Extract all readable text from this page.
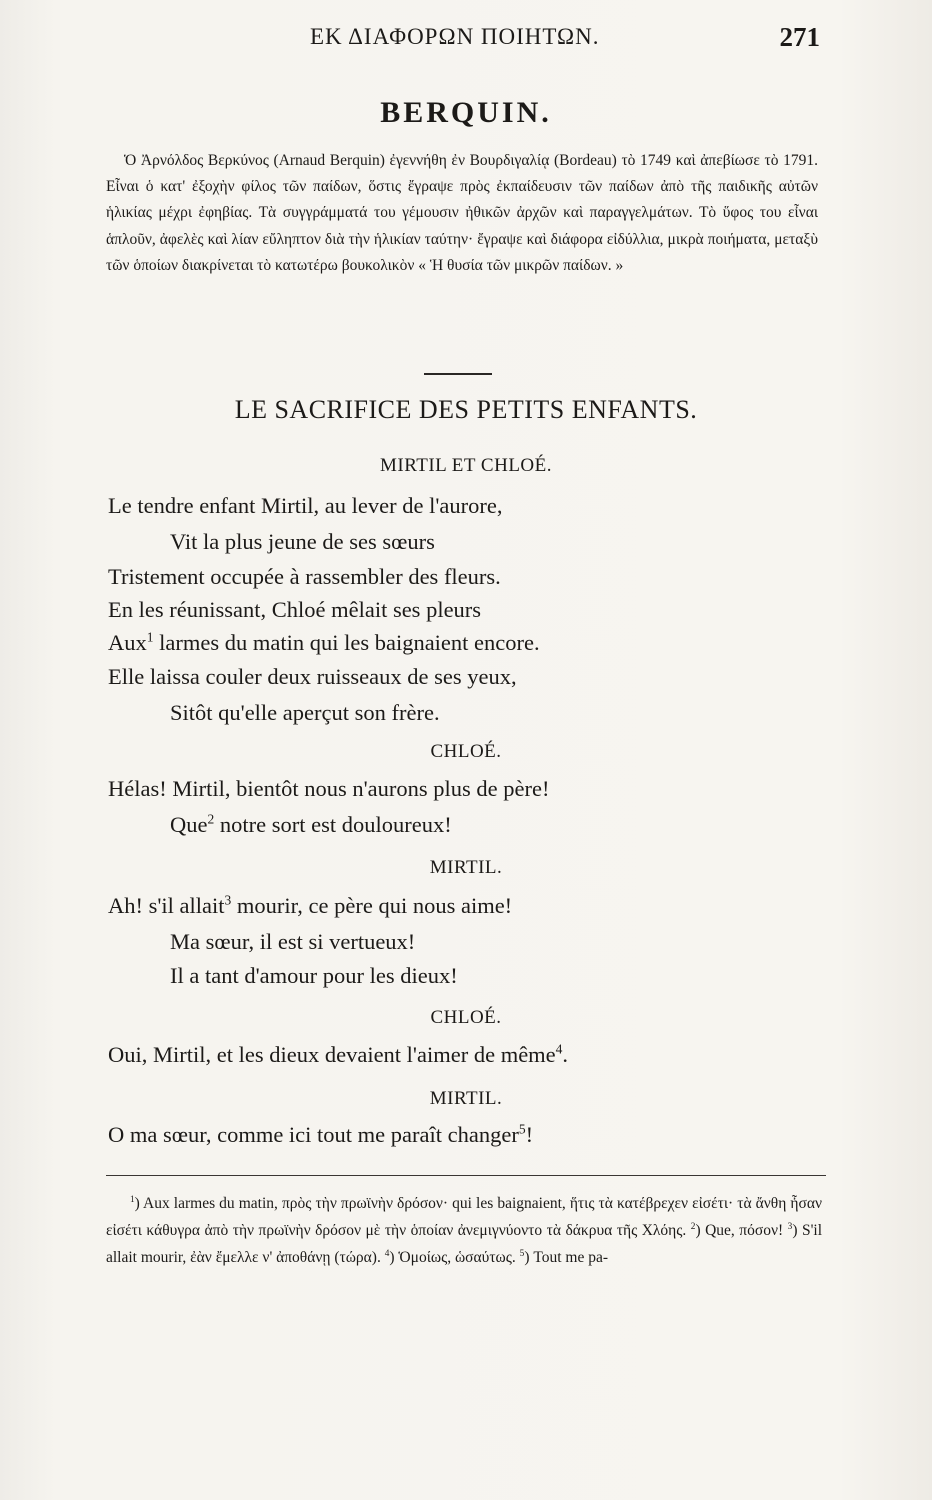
ΕΚ ΔΙΑΦΟΡΩΝ ΠΟΙΗΤΩΝ.	271
BERQUIN.
Ὁ Ἀρνόλδος Βερκύνος (Arnaud Berquin) ἐγεννήθη ἐν Βουρδιγαλίᾳ (Bordeau) τὸ 1749 καὶ ἀπεβίωσε τὸ 1791. Εἶναι ὁ κατ' ἐξοχὴν φίλος τῶν παίδων, ὅστις ἔγραψε πρὸς ἐκπαίδευσιν τῶν παίδων ἀπὸ τῆς παιδικῆς αὐτῶν ἡλικίας μέχρι ἐφηβίας. Τὰ συγγράμματά του γέμουσιν ἠθικῶν ἀρχῶν καὶ παραγγελμάτων. Τὸ ὕφος του εἶναι ἁπλοῦν, ἀφελὲς καὶ λίαν εὔληπτον διὰ τὴν ἡλικίαν ταύτην· ἔγραψε καὶ διάφορα εἰδύλλια, μικρὰ ποιήματα, μεταξὺ τῶν ὁποίων διακρίνεται τὸ κατωτέρω βουκολικὸν « Ἡ θυσία τῶν μικρῶν παίδων. »
LE SACRIFICE DES PETITS ENFANTS.
MIRTIL ET CHLOÉ.
Le tendre enfant Mirtil, au lever de l'aurore,
Vit la plus jeune de ses sœurs
Tristement occupée à rassembler des fleurs.
En les réunissant, Chloé mêlait ses pleurs
Aux$^1$ larmes du matin qui les baignaient encore.
Elle laissa couler deux ruisseaux de ses yeux,
Sitôt qu'elle aperçut son frère.
CHLOÉ.
Hélas! Mirtil, bientôt nous n'aurons plus de père!
Que$^2$ notre sort est douloureux!
MIRTIL.
Ah! s'il allait$^3$ mourir, ce père qui nous aime!
Ma sœur, il est si vertueux!
Il a tant d'amour pour les dieux!
CHLOÉ.
Oui, Mirtil, et les dieux devaient l'aimer de même$^4$.
MIRTIL.
O ma sœur, comme ici tout me paraît changer$^5$!
$^1$) Aux larmes du matin, πρὸς τὴν πρωϊνὴν δρόσον· qui les baignaient, ἥτις τὰ κατέβρεχεν εἰσέτι· τὰ ἄνθη ἦσαν εἰσέτι κάθυγρα ἀπὸ τὴν πρωϊνὴν δρόσον μὲ τὴν ὁποίαν ἀνεμιγνύοντο τὰ δάκρυα τῆς Χλόης. $^2$) Que, πόσον! $^3$) S'il allait mourir, ἐὰν ἔμελλε ν' ἀποθάνῃ (τώρα). $^4$) Ὁμοίως, ὡσαύτως. $^5$) Tout me pa-
